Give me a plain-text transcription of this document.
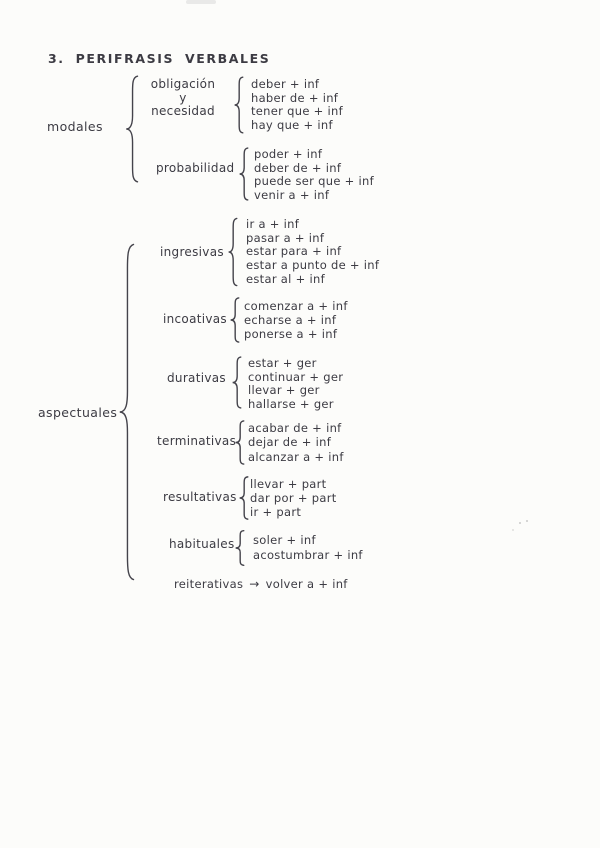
3. PERIFRASIS VERBALES
modales
obligación
y
necesidad
deber + inf
haber de + inf
tener que + inf
hay que + inf
probabilidad
poder + inf
deber de + inf
puede ser que + inf
venir a + inf
aspectuales
ingresivas
ir a + inf
pasar a + inf
estar para + inf
estar a punto de + inf
estar al + inf
incoativas
comenzar a + inf
echarse a + inf
ponerse a + inf
durativas
estar + ger
continuar + ger
llevar + ger
hallarse + ger
terminativas
acabar de + inf
dejar de + inf
alcanzar a + inf
resultativas
llevar + part
dar por + part
ir + part
habituales soler + inf
acostumbrar + inf
reiterativas → volver a + inf
